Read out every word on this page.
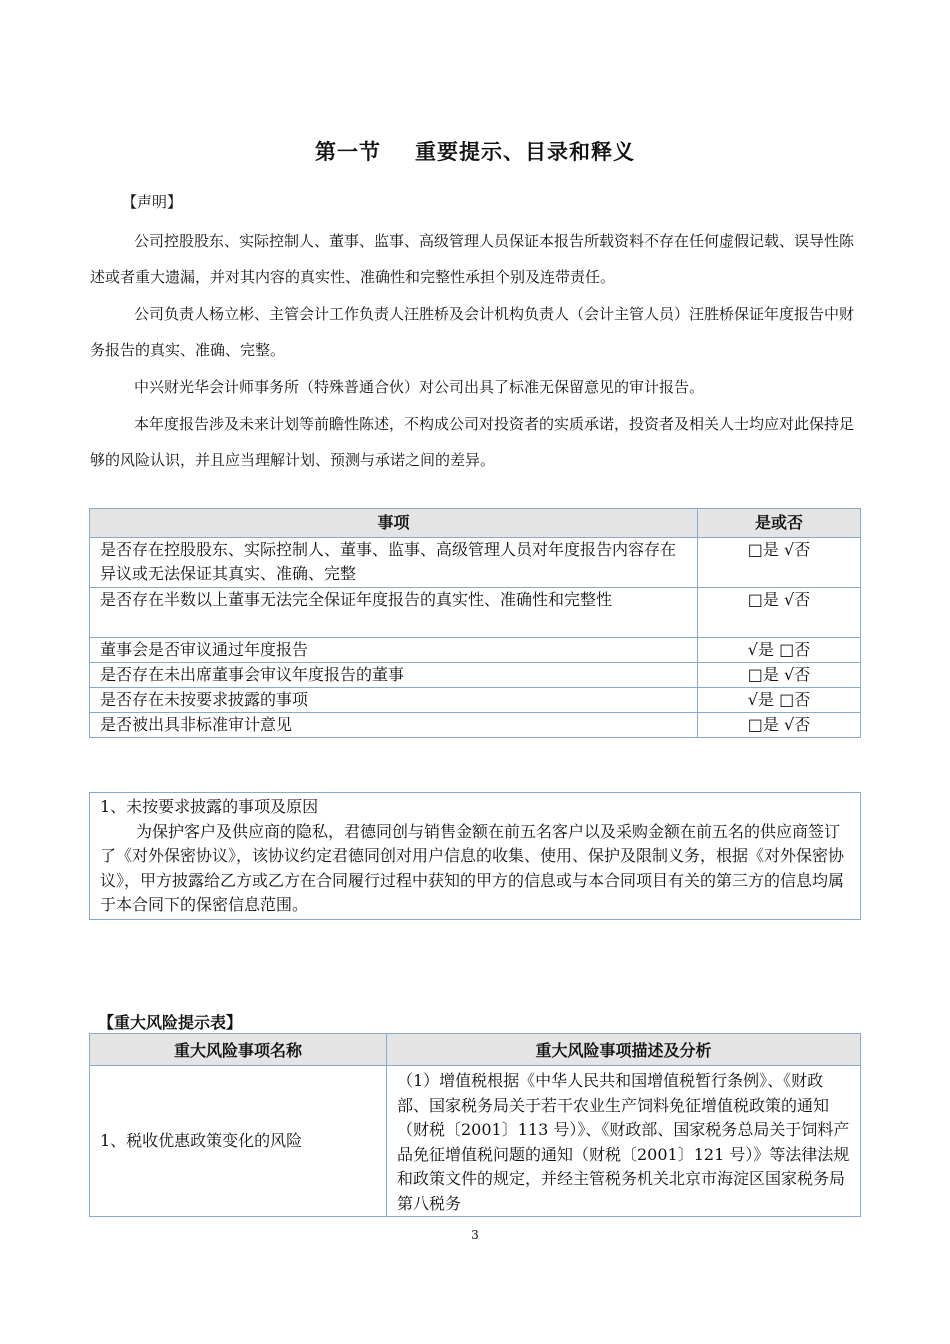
第一节 重要提示、目录和释义
【声明】
公司控股股东、实际控制人、董事、监事、高级管理人员保证本报告所载资料不存在任何虚假记载、误导性陈述或者重大遗漏，并对其内容的真实性、准确性和完整性承担个别及连带责任。
公司负责人杨立彬、主管会计工作负责人汪胜桥及会计机构负责人（会计主管人员）汪胜桥保证年度报告中财务报告的真实、准确、完整。
中兴财光华会计师事务所（特殊普通合伙）对公司出具了标准无保留意见的审计报告。
本年度报告涉及未来计划等前瞻性陈述，不构成公司对投资者的实质承诺，投资者及相关人士均应对此保持足够的风险认识，并且应当理解计划、预测与承诺之间的差异。
事项	是或否
是否存在控股股东、实际控制人、董事、监事、高级管理人员对年度报告内容存在异议或无法保证其真实、准确、完整	□是 √否
是否存在半数以上董事无法完全保证年度报告的真实性、准确性和完整性	□是 √否
董事会是否审议通过年度报告	√是 □否
是否存在未出席董事会审议年度报告的董事	□是 √否
是否存在未按要求披露的事项	√是 □否
是否被出具非标准审计意见	□是 √否
1、未按要求披露的事项及原因
为保护客户及供应商的隐私，君德同创与销售金额在前五名客户以及采购金额在前五名的供应商签订了《对外保密协议》，该协议约定君德同创对用户信息的收集、使用、保护及限制义务，根据《对外保密协议》，甲方披露给乙方或乙方在合同履行过程中获知的甲方的信息或与本合同项目有关的第三方的信息均属于本合同下的保密信息范围。
【重大风险提示表】
重大风险事项名称	重大风险事项描述及分析
1、税收优惠政策变化的风险	（1）增值税根据《中华人民共和国增值税暂行条例》、《财政部、国家税务局关于若干农业生产饲料免征增值税政策的通知（财税〔2001〕113 号）》、《财政部、国家税务总局关于饲料产品免征增值税问题的通知（财税〔2001〕121 号）》等法律法规和政策文件的规定，并经主管税务机关北京市海淀区国家税务局第八税务
3
